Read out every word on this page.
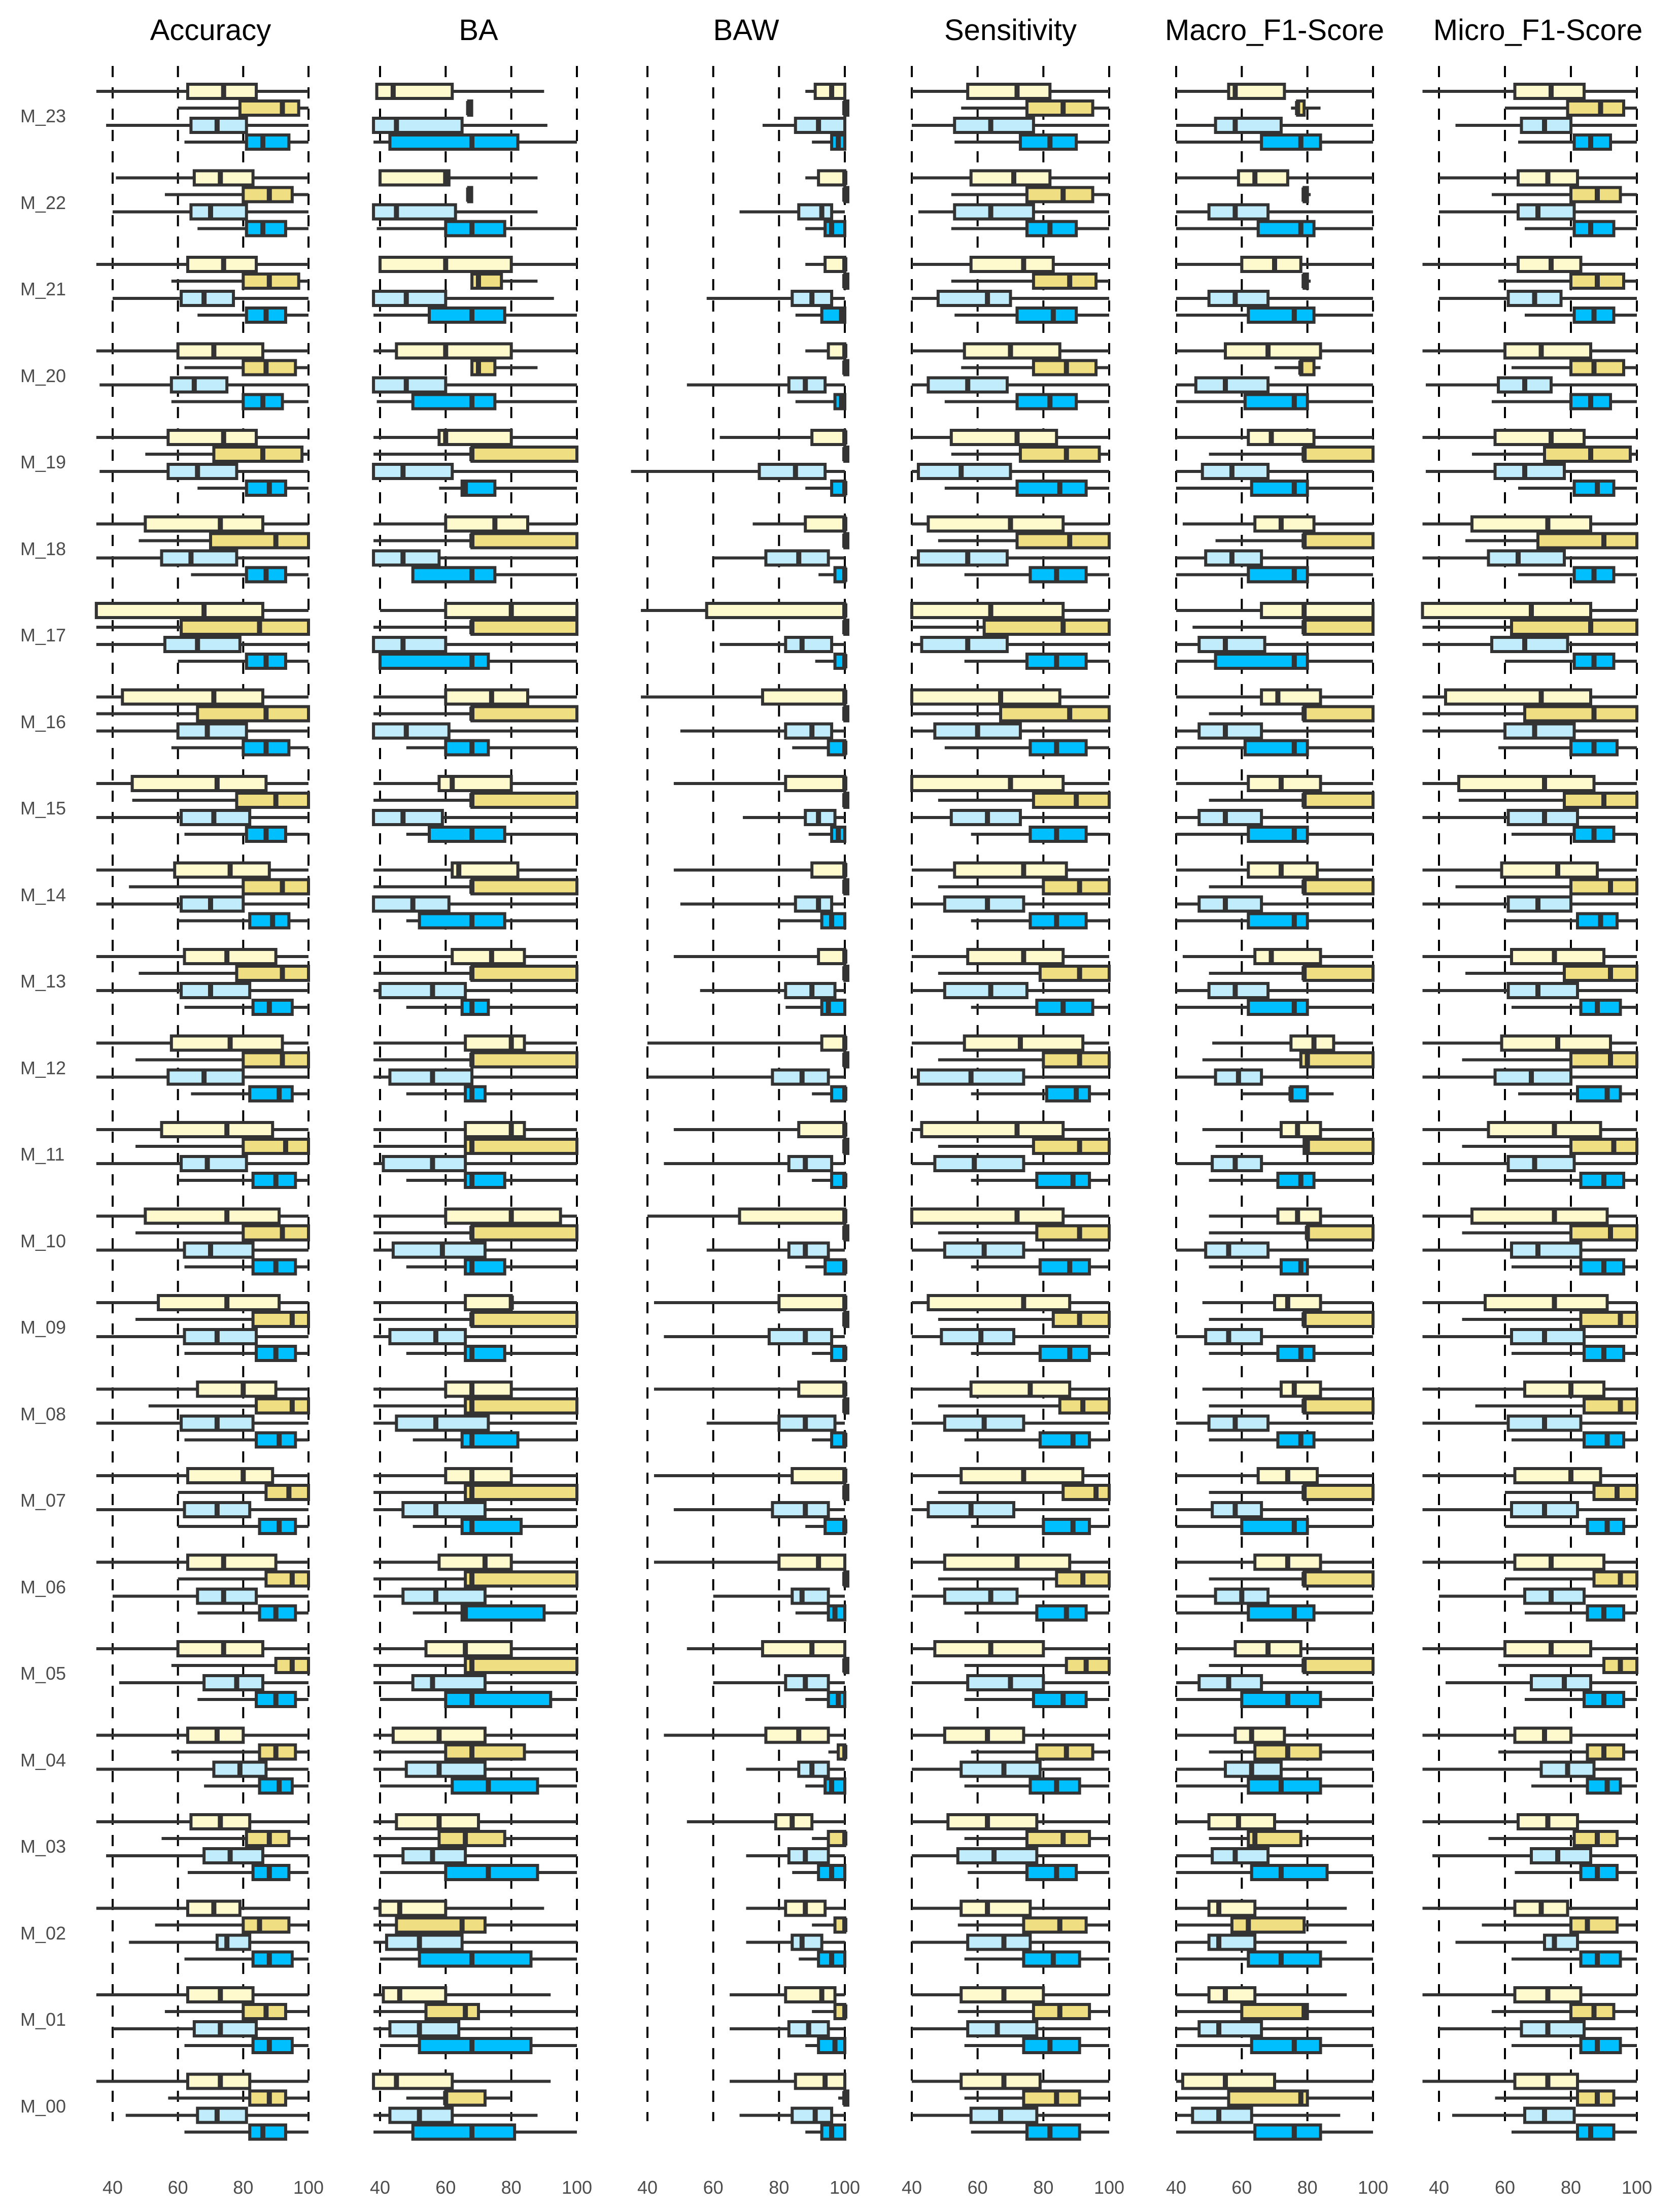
Accuracy	BA	BAW	Sensitivity	Macro_F1-Score	Micro_F1-Score
M_23
M_22
M_21
M_20
M_19
M_18
M_17
M_16
M_15
M_14
M_13
M_12
M_11
M_10
M_09
M_08
M_07
M_06
M_05
M_04
M_03
M_02
M_01
M_00
40	60	80	100	40	60	80	100	40	60	80	100	40	60	80	100	40	60	80	100	40	60	80	100
